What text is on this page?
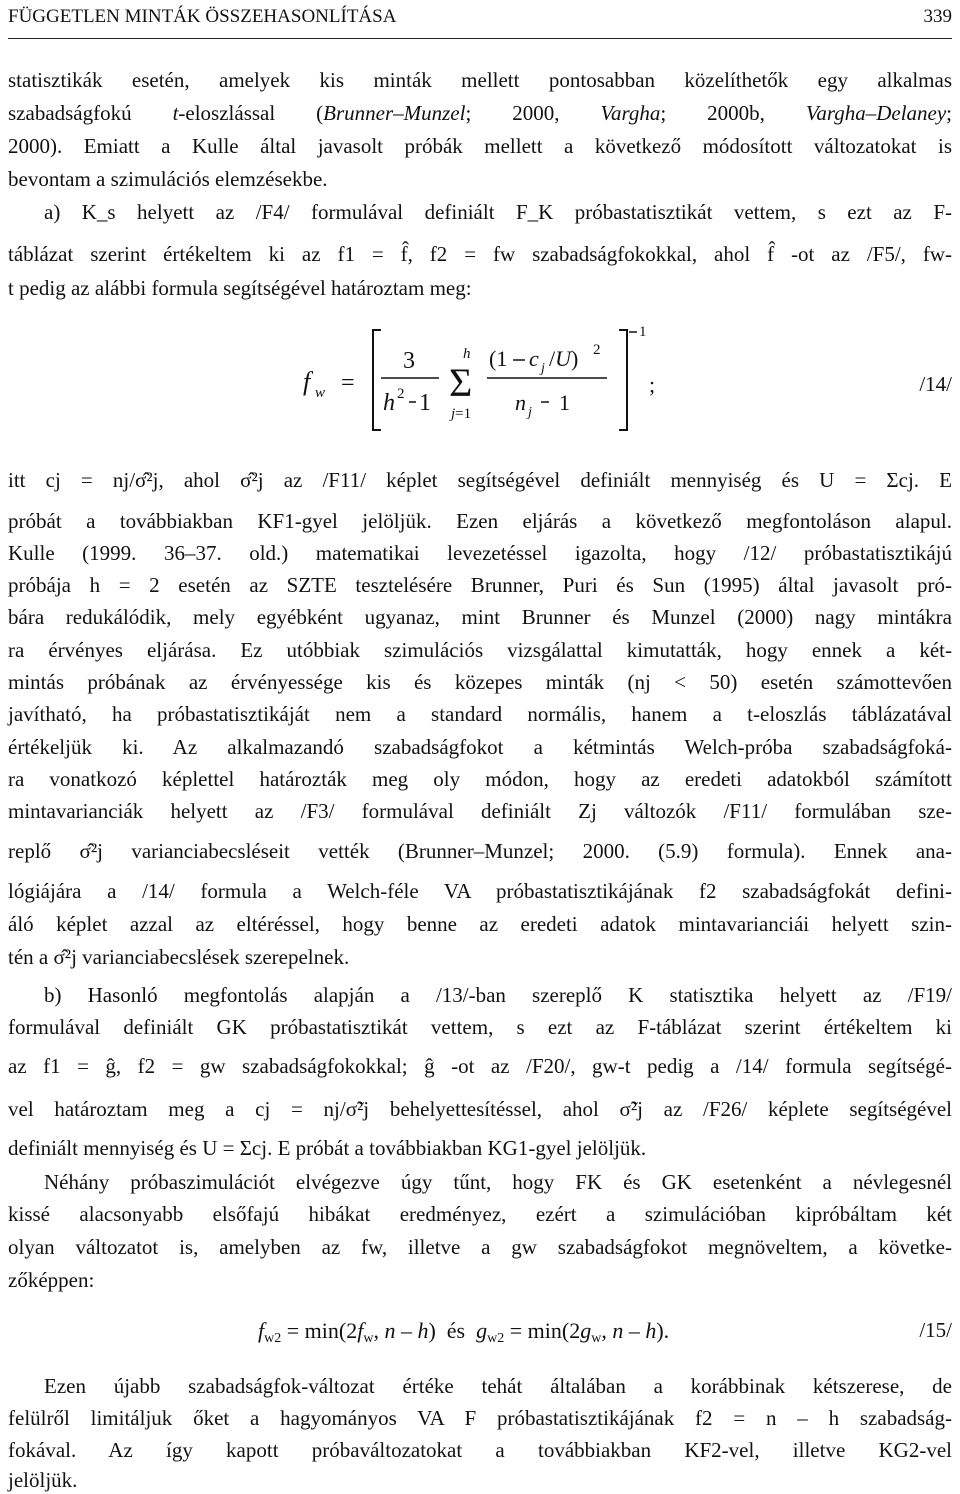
FÜGGETLEN MINTÁK ÖSSZEHASONLÍTÁSA	339

statisztikák esetén, amelyek kis minták mellett pontosabban közelíthetők egy alkalmas

szabadságfokú t-eloszlással (Brunner–Munzel; 2000, Vargha; 2000b, Vargha–Delaney;

2000). Emiatt a Kulle által javasolt próbák mellett a következő módosított változatokat is

bevontam a szimulációs elemzésekbe.

a) K_s helyett az /F4/ formulával definiált F_K próbastatisztikát vettem, s ezt az F-

táblázat szerint értékeltem ki az f1 = f̂, f2 = fw szabadságfokokkal, ahol f̂ -ot az /F5/, fw-

t pedig az alábbi formula segítségével határoztam meg:

f w =
3
h 2 1
h
Σ
j=1
(1 c j /U) 2
n j 1
1
;	/14/

itt cj = nj/σ̂²j, ahol σ̂²j az /F11/ képlet segítségével definiált mennyiség és U = Σcj. E

próbát a továbbiakban KF1-gyel jelöljük. Ezen eljárás a következő megfontoláson alapul.

Kulle (1999. 36–37. old.) matematikai levezetéssel igazolta, hogy /12/ próbastatisztikájú

próbája h = 2 esetén az SZTE tesztelésére Brunner, Puri és Sun (1995) által javasolt pró-

bára redukálódik, mely egyébként ugyanaz, mint Brunner és Munzel (2000) nagy mintákra

ra érvényes eljárása. Ez utóbbiak szimulációs vizsgálattal kimutatták, hogy ennek a két-

mintás próbának az érvényessége kis és közepes minták (nj < 50) esetén számottevően

javítható, ha próbastatisztikáját nem a standard normális, hanem a t-eloszlás táblázatával

értékeljük ki. Az alkalmazandó szabadságfokot a kétmintás Welch-próba szabadságfoká-

ra vonatkozó képlettel határozták meg oly módon, hogy az eredeti adatokból számított

mintavarianciák helyett az /F3/ formulával definiált Zj változók /F11/ formulában sze-

replő σ̂²j varianciabecsléseit vették (Brunner–Munzel; 2000. (5.9) formula). Ennek ana-

lógiájára a /14/ formula a Welch-féle VA próbastatisztikájának f2 szabadságfokát defini-

áló képlet azzal az eltéréssel, hogy benne az eredeti adatok mintavarianciái helyett szin-

tén a σ̂²j varianciabecslések szerepelnek.

b) Hasonló megfontolás alapján a /13/-ban szereplő K statisztika helyett az /F19/

formulával definiált GK próbastatisztikát vettem, s ezt az F-táblázat szerint értékeltem ki

az f1 = ĝ, f2 = gw szabadságfokokkal; ĝ -ot az /F20/, gw-t pedig a /14/ formula segítségé-

vel határoztam meg a cj = nj/σ̃²j behelyettesítéssel, ahol σ̃²j az /F26/ képlete segítségével

definiált mennyiség és U = Σcj. E próbát a továbbiakban KG1-gyel jelöljük.

Néhány próbaszimulációt elvégezve úgy tűnt, hogy FK és GK esetenként a névlegesnél

kissé alacsonyabb elsőfajú hibákat eredményez, ezért a szimulációban kipróbáltam két

olyan változatot is, amelyben az fw, illetve a gw szabadságfokot megnöveltem, a követke-

zőképpen:

$f_{w2} = \min(2f_w$, n – h)  és  $g_{w2} = \min(2g_w$, n – h).	/15/

Ezen újabb szabadságfok-változat értéke tehát általában a korábbinak kétszerese, de

felülről limitáljuk őket a hagyományos VA F próbastatisztikájának f2 = n – h szabadság-

fokával. Az így kapott próbaváltozatokat a továbbiakban KF2-vel, illetve KG2-vel

jelöljük.
